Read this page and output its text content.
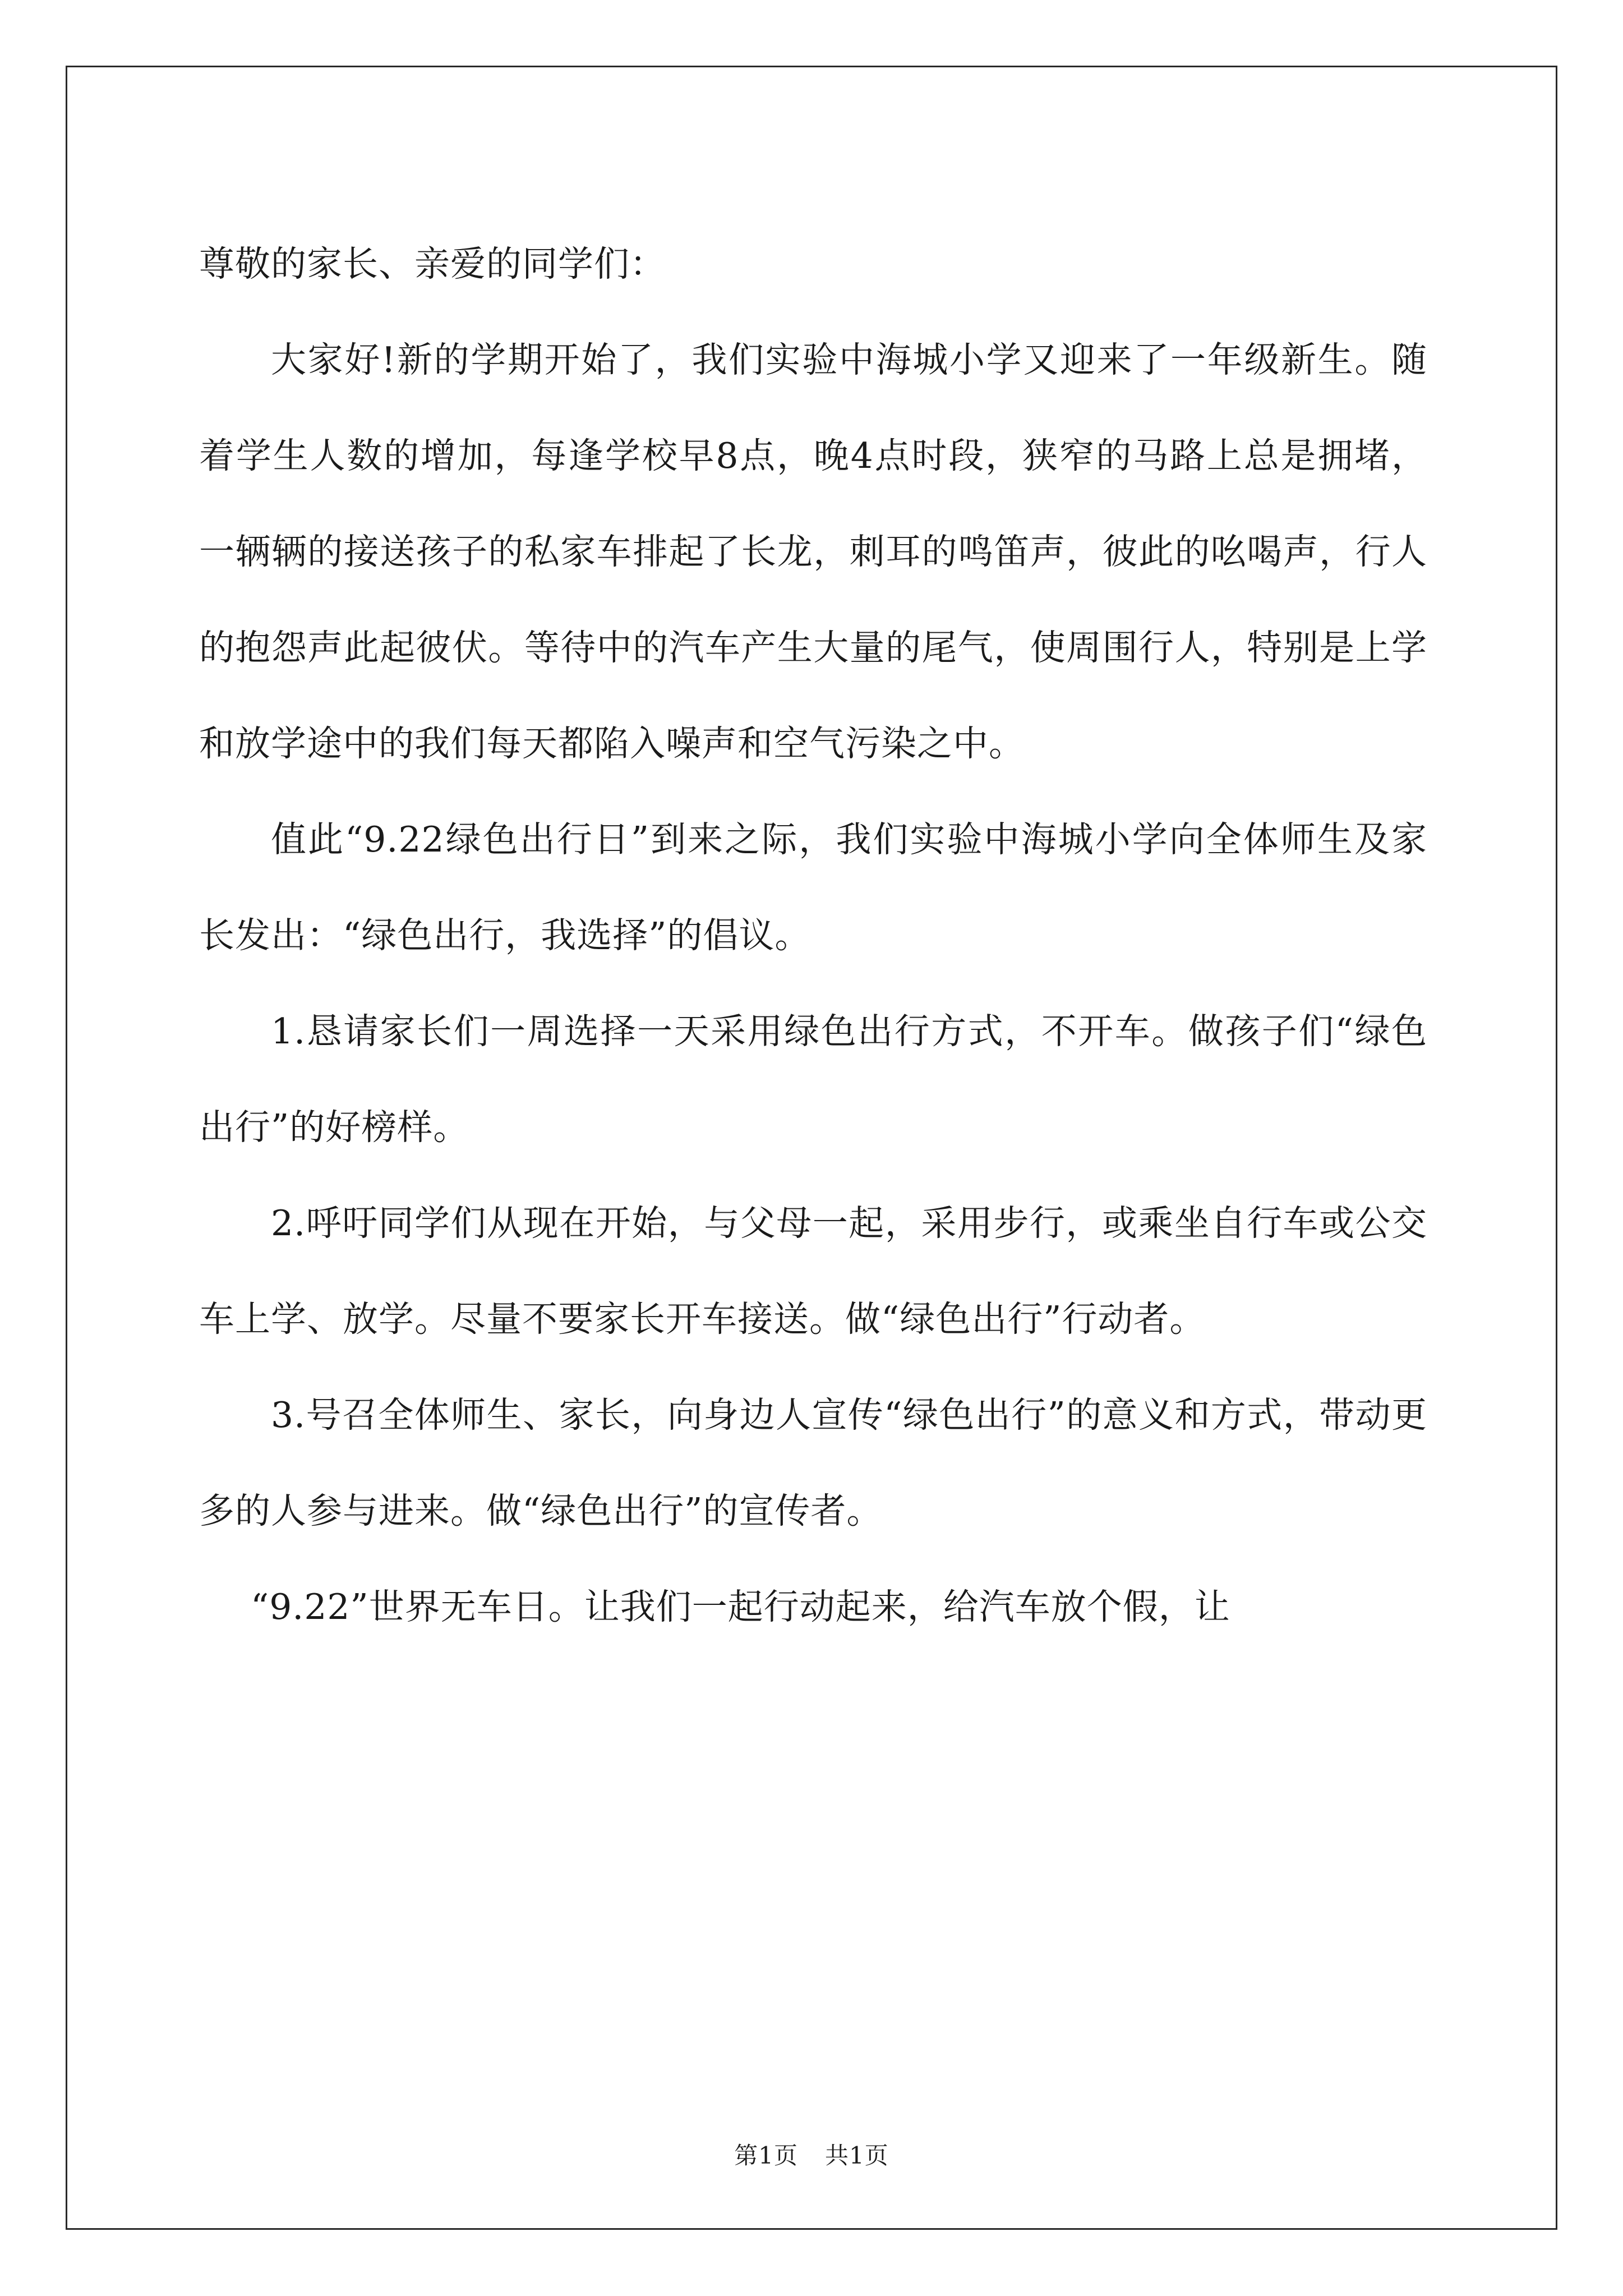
尊敬的家长、亲爱的同学们：

大家好!新的学期开始了，我们实验中海城小学又迎来了一年级新生。随着学生人数的增加，每逢学校早8点，晚4点时段，狭窄的马路上总是拥堵，一辆辆的接送孩子的私家车排起了长龙，刺耳的鸣笛声，彼此的吆喝声，行人的抱怨声此起彼伏。等待中的汽车产生大量的尾气，使周围行人，特别是上学和放学途中的我们每天都陷入噪声和空气污染之中。

值此“9.22绿色出行日”到来之际，我们实验中海城小学向全体师生及家长发出：“绿色出行，我选择”的倡议。

1.恳请家长们一周选择一天采用绿色出行方式，不开车。做孩子们“绿色出行”的好榜样。

2.呼吁同学们从现在开始，与父母一起，采用步行，或乘坐自行车或公交车上学、放学。尽量不要家长开车接送。做“绿色出行”行动者。

3.号召全体师生、家长，向身边人宣传“绿色出行”的意义和方式，带动更多的人参与进来。做“绿色出行”的宣传者。

“9.22”世界无车日。让我们一起行动起来，给汽车放个假，让

第1页 共1页
